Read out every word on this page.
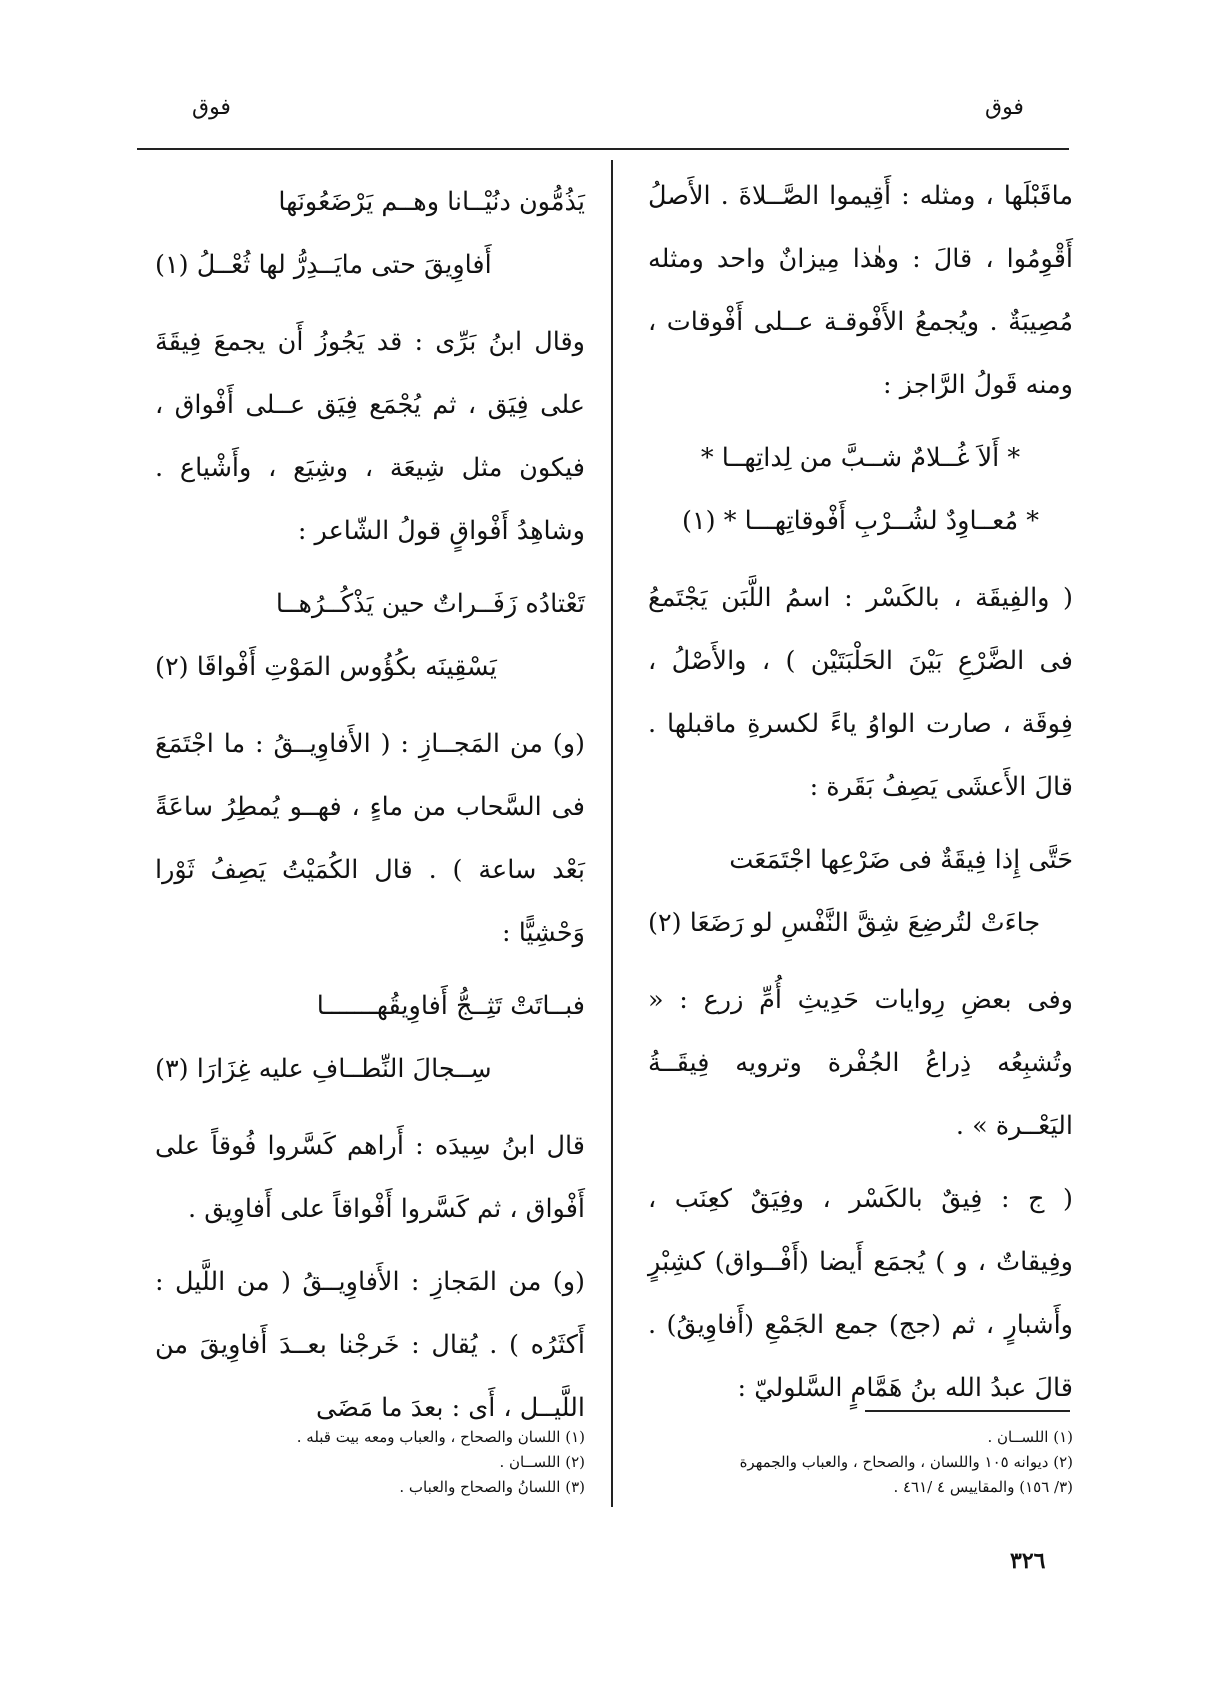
فوق
فوق

ماقَبْلَها ، ومثله : أَقِيموا الصَّــلاةَ . الأَصلُ أَقْوِمُوا ، قالَ : وهٰذا مِيزانٌ واحد ومثله مُصِيبَةٌ . ويُجمعُ الأَفْوقـة عــلى أَفْوقات ، ومنه قَولُ الرَّاجز :

* أَلاَ غُــلامٌ شــبَّ من لِداتِهــا *
* مُعــاوِدٌ لشُــرْبِ أَفْوقاتِهـــا * (١)

( والفِيقَة ، بالكَسْر : اسمُ اللَّبَن يَجْتَمعُ فى الضَّرْعِ بَيْنَ الحَلْبَتَيْن ) ، والأَصْلُ ، فِوقَة ، صارت الواوُ ياءً لكسرةِ ماقبلها . قالَ الأَعشَى يَصِفُ بَقَرة :

حَتَّى إِذا فِيقَةٌ فى ضَرْعِها اجْتَمَعَت
جاءَتْ لتُرضِعَ شِقَّ النَّفْسِ لو رَضَعَا (٢)

وفى بعضِ رِوايات حَدِيثِ أُمِّ زرع : « وتُشبِعُه ذِراعُ الجُفْرة وترويه فِيقَــةُ اليَعْــرة » .

( ج : فِيقٌ بالكَسْر ، وفِيَقٌ كعِنَب ، وفِيقاتٌ ، و ) يُجمَع أَيضا (أَفْــواق) كشِبْرٍ وأَشبارٍ ، ثم (جج) جمع الجَمْعِ (أَفاوِيقُ) . قالَ عبدُ الله بنُ هَمَّامٍ السَّلوليّ :

يَذُمُّون دنُيْــانا وهــم يَرْضَعُونَها
أَفاوِيقَ حتى مايَــدِرُّ لها ثُعْــلُ (١)

وقال ابنُ بَرِّى : قد يَجُوزُ أَن يجمعَ فِيقَةَ على فِيَق ، ثم يُجْمَع فِيَق عــلى أَفْواق ، فيكون مثل شِيعَة ، وشِيَع ، وأَشْياع . وشاهِدُ أَفْواقٍ قولُ الشّاعر :

تَعْتادُه زَفَــراتٌ حين يَذْكُــرُهــا
يَسْقِينَه بكُؤُوس المَوْتِ أَفْواقَا (٢)

(و) من المَجــازِ : ( الأَفاوِيــقُ : ما اجْتَمَعَ فى السَّحاب من ماءٍ ، فهــو يُمطِرُ ساعَةً بَعْد ساعة ) . قال الكُمَيْتُ يَصِفُ ثَوْرا وَحْشِيًّا :

فبــاتَتْ تَثِــجُّ أَفاوِيقُهـــــــا
سِــجالَ النِّطــافِ عليه غِزَارَا (٣)

قال ابنُ سِيدَه : أَراهم كَسَّروا فُوقاً على أَفْواق ، ثم كَسَّروا أَفْواقاً على أَفاوِيق .

(و) من المَجازِ : الأَفاوِيــقُ ( من اللَّيل : أَكثَرُه ) . يُقال : خَرجْنا بعــدَ أَفاوِيقَ من اللَّيــل ، أَى : بعدَ ما مَضَى

(١) اللســان .
(٢) ديوانه ١٠٥ واللسان ، والصحاح ، والعباب والجمهرة
(٣/ ١٥٦) والمقاييس ٤ /٤٦١ .
(١) اللسان والصحاح ، والعباب ومعه بيت قبله .
(٢) اللســان .
(٣) اللسانُ والصحاح والعباب .
٣٢٦
